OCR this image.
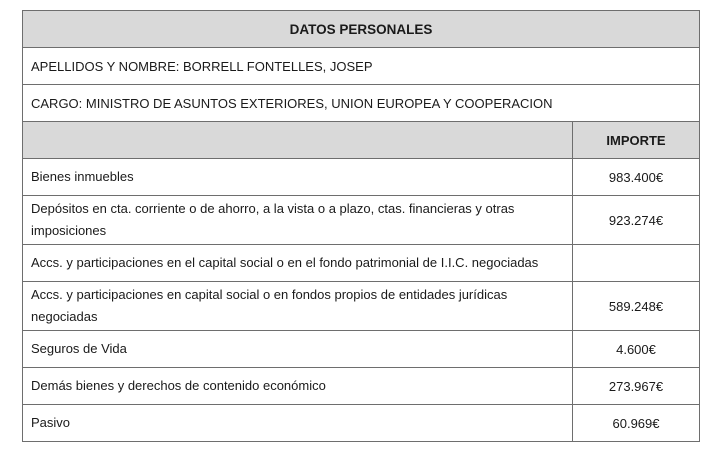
DATOS PERSONALES	
APELLIDOS Y NOMBRE: BORRELL FONTELLES, JOSEP	
CARGO: MINISTRO DE ASUNTOS EXTERIORES, UNION EUROPEA Y COOPERACION	
	IMPORTE
Bienes inmuebles	983.400€
Depósitos en cta. corriente o de ahorro, a la vista o a plazo, ctas. financieras y otras imposiciones	923.274€
Accs. y participaciones en el capital social o en el fondo patrimonial de I.I.C. negociadas	
Accs. y participaciones en capital social o en fondos propios de entidades jurídicas negociadas	589.248€
Seguros de Vida	4.600€
Demás bienes y derechos de contenido económico	273.967€
Pasivo	60.969€
